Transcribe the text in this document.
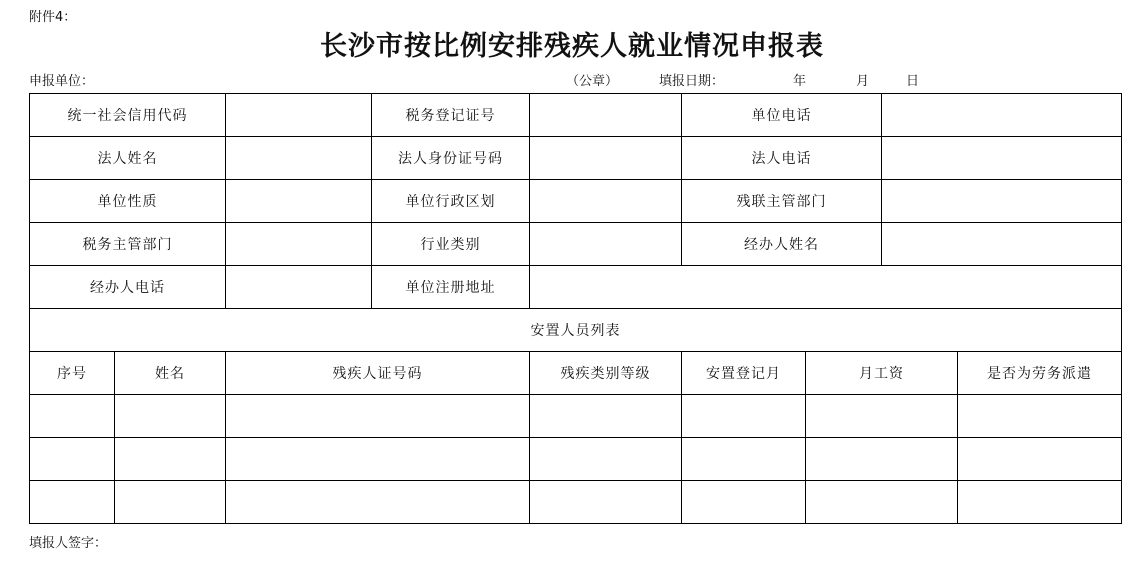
附件4：
长沙市按比例安排残疾人就业情况申报表
申报单位：	（公章）	填报日期：	年	月	日
统一社会信用代码			税务登记证号		单位电话			
法人姓名			法人身份证号码		法人电话			
单位性质			单位行政区划		残联主管部门			
税务主管部门			行业类别		经办人姓名			
经办人电话			单位注册地址					
安置人员列表								
序号	姓名	残疾人证号码		残疾类别等级	安置登记月	月工资		是否为劳务派遣

填报人签字：
